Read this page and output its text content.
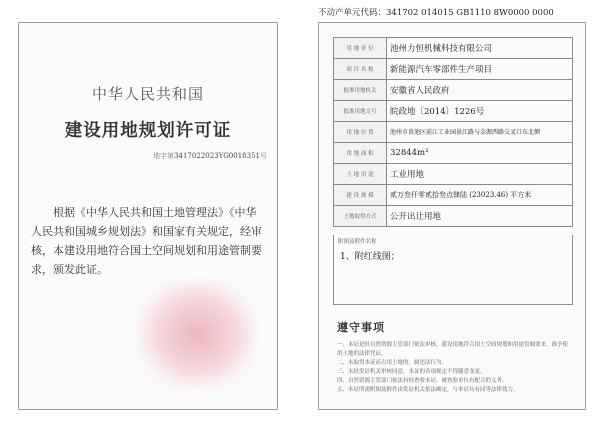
不动产单元代码：341702 014015 GB1110 8W0000 0000
中华人民共和国
建设用地规划许可证
地字第3417022023YG0018351号
根据《中华人民共和国土地管理法》《中华人民共和国城乡规划法》和国家有关规定，经审核，本建设用地符合国土空间规划和用途管制要求，颁发此证。
用 地 单 位	池州力恒机械科技有限公司
项 目 名 称	新能源汽车零部件生产项目
批准用地机关	安徽省人民政府
批准用地文号	皖政地〔2014〕1226号
用 地 位 置	池州市贵池区前江工业园景江路与金源西路交叉口东北侧
用 地 面 积	32844m²
土 地 用 途	工业用地
建 设 规 模	贰万叁仟零贰拾叁点肆陆 (23023.46) 平方米
土地取得方式	公开出让用地
附图及附件名称
1、附红线图；
遵守事项
一、本证是经自然资源主管部门依法审核，建设用地符合国土空间规划和用途管制要求，准予使用土地的法律凭证。
二、未取得本证而占用土地的，属违法行为。
三、未经发证机关审核同意，本证的各项规定不得随意变更。
四、自然资源主管部门依法有权查验本证，被查验单位有配合的义务。
五、本证所需附图及附件由发证机关依法确定，与本证具有同等法律效力。
